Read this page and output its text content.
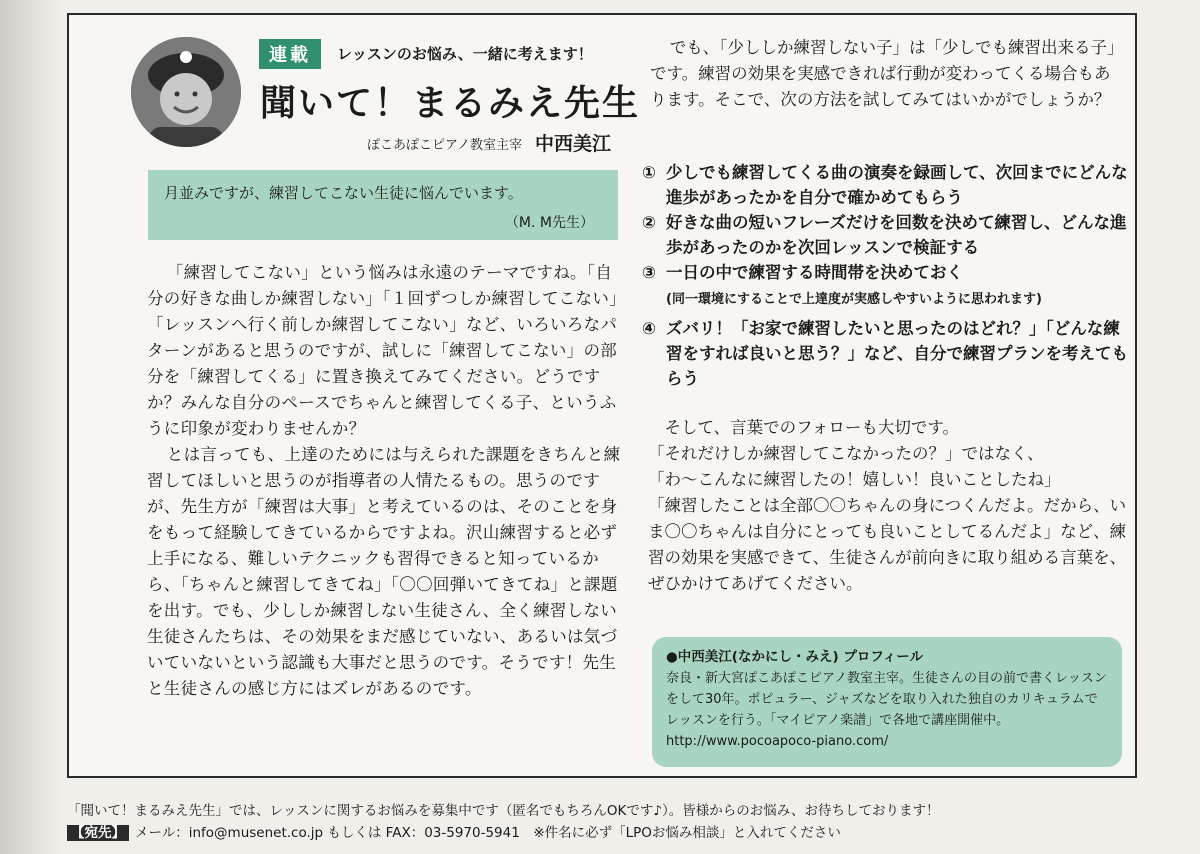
連載	レッスンのお悩み、一緒に考えます！
聞いて！まるみえ先生
ぽこあぽこピアノ教室主宰 中西美江
月並みですが、練習してこない生徒に悩んでいます。
（M. M先生）

「練習してこない」という悩みは永遠のテーマですね。「自分の好きな曲しか練習しない」「１回ずつしか練習してこない」「レッスンへ行く前しか練習してこない」など、いろいろなパターンがあると思うのですが、試しに「練習してこない」の部分を「練習してくる」に置き換えてみてください。どうですか？みんな自分のペースでちゃんと練習してくる子、というふうに印象が変わりませんか？

とは言っても、上達のためには与えられた課題をきちんと練習してほしいと思うのが指導者の人情たるもの。思うのですが、先生方が「練習は大事」と考えているのは、そのことを身をもって経験してきているからですよね。沢山練習すると必ず上手になる、難しいテクニックも習得できると知っているから、「ちゃんと練習してきてね」「〇〇回弾いてきてね」と課題を出す。でも、少ししか練習しない生徒さん、全く練習しない生徒さんたちは、その効果をまだ感じていない、あるいは気づいていないという認識も大事だと思うのです。そうです！先生と生徒さんの感じ方にはズレがあるのです。

でも、「少ししか練習しない子」は「少しでも練習出来る子」です。練習の効果を実感できれば行動が変わってくる場合もあります。そこで、次の方法を試してみてはいかがでしょうか？

① 少しでも練習してくる曲の演奏を録画して、次回までにどんな進歩があったかを自分で確かめてもらう
② 好きな曲の短いフレーズだけを回数を決めて練習し、どんな進歩があったのかを次回レッスンで検証する
③ 一日の中で練習する時間帯を決めておく
(同一環境にすることで上達度が実感しやすいように思われます)
④ ズバリ！「お家で練習したいと思ったのはどれ？」「どんな練習をすれば良いと思う？」など、自分で練習プランを考えてもらう

　そして、言葉でのフォローも大切です。

「それだけしか練習してこなかったの？」ではなく、

「わ〜こんなに練習したの！嬉しい！良いことしたね」

「練習したことは全部〇〇ちゃんの身につくんだよ。だから、いま〇〇ちゃんは自分にとっても良いことしてるんだよ」など、練習の効果を実感できて、生徒さんが前向きに取り組める言葉を、ぜひかけてあげてください。

●中西美江(なかにし・みえ) プロフィール
奈良・新大宮ぽこあぽこピアノ教室主宰。生徒さんの目の前で書くレッスンをして30年。ポピュラー、ジャズなどを取り入れた独自のカリキュラムでレッスンを行う。「マイピアノ楽譜」で各地で講座開催中。
http://www.pocoapoco-piano.com/
「聞いて！まるみえ先生」では、レッスンに関するお悩みを募集中です（匿名でもちろんOKです♪）。皆様からのお悩み、お待ちしております！
【宛先】 メール：info@musenet.co.jp もしくは FAX：03-5970-5941　※件名に必ず「LPOお悩み相談」と入れてください
